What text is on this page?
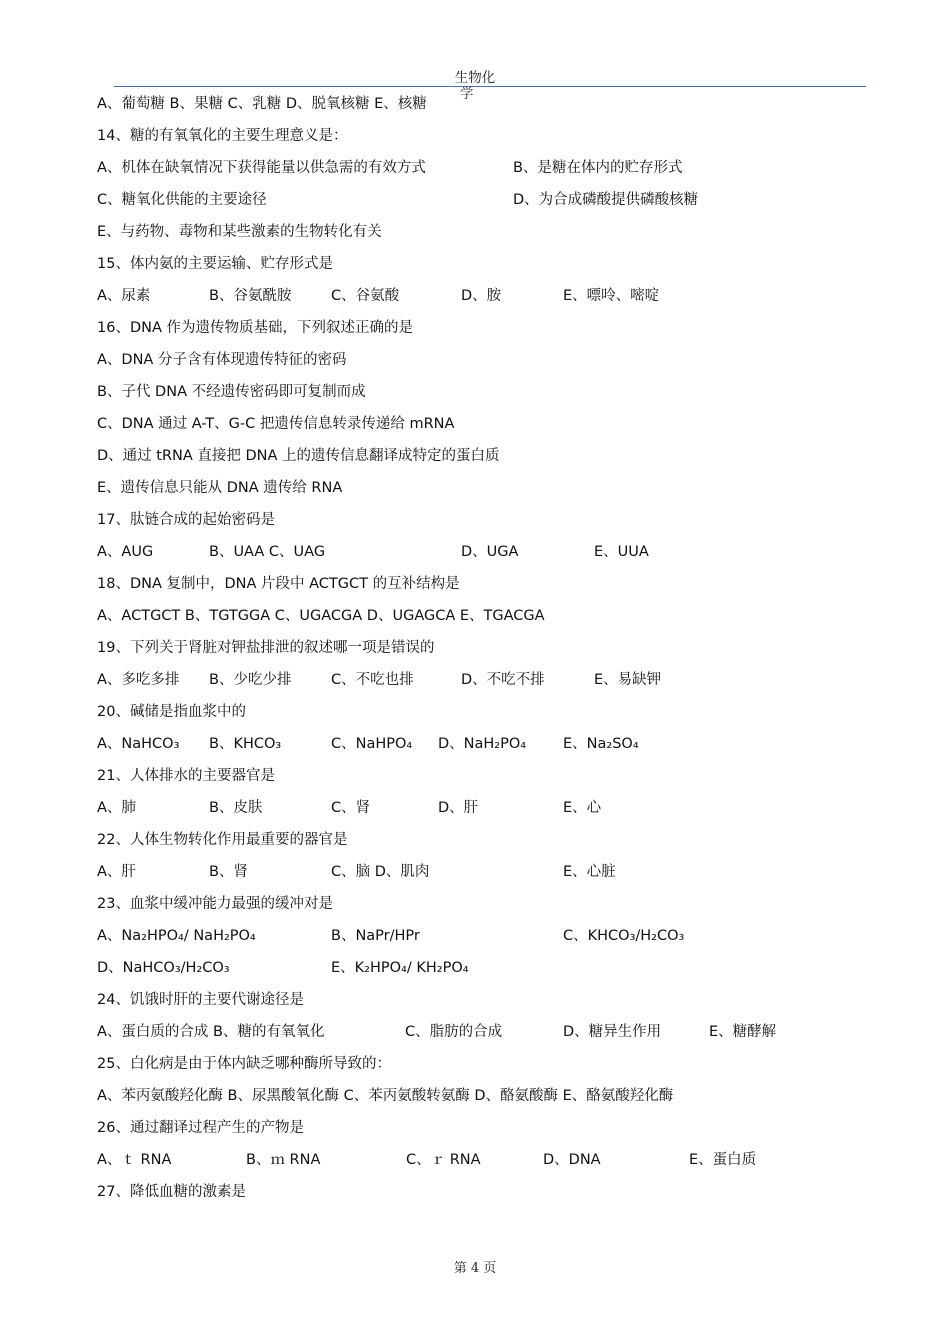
生物化
学
A、葡萄糖 B、果糖 C、乳糖 D、脱氧核糖 E、核糖
14、糖的有氧氧化的主要生理意义是：
A、机体在缺氧情况下获得能量以供急需的有效方式	B、是糖在体内的贮存形式
C、糖氧化供能的主要途径	D、为合成磷酸提供磷酸核糖
E、与药物、毒物和某些激素的生物转化有关
15、体内氨的主要运输、贮存形式是
A、尿素	B、谷氨酰胺	C、谷氨酸	D、胺	E、嘌呤、嘧啶
16、DNA 作为遗传物质基础，下列叙述正确的是
A、DNA 分子含有体现遗传特征的密码
B、子代 DNA 不经遗传密码即可复制而成
C、DNA 通过 A-T、G-C 把遗传信息转录传递给 mRNA
D、通过 tRNA 直接把 DNA 上的遗传信息翻译成特定的蛋白质
E、遗传信息只能从 DNA 遗传给 RNA
17、肽链合成的起始密码是
A、AUG	B、UAA C、UAG	D、UGA	E、UUA
18、DNA 复制中，DNA 片段中 ACTGCT 的互补结构是
A、ACTGCT B、TGTGGA C、UGACGA D、UGAGCA E、TGACGA
19、下列关于肾脏对钾盐排泄的叙述哪一项是错误的
A、多吃多排 B、少吃少排	C、不吃也排	D、不吃不排	E、易缺钾
20、碱储是指血浆中的
A、NaHCO₃ B、KHCO₃	C、NaHPO₄ D、NaH₂PO₄	E、Na₂SO₄
21、人体排水的主要器官是
A、肺	B、皮肤	C、肾	D、肝	E、心
22、人体生物转化作用最重要的器官是
A、肝	B、肾	C、脑 D、肌肉	E、心脏
23、血浆中缓冲能力最强的缓冲对是
A、Na₂HPO₄/ NaH₂PO₄	B、NaPr/HPr	C、KHCO₃/H₂CO₃
D、NaHCO₃/H₂CO₃	E、K₂HPO₄/ KH₂PO₄
24、饥饿时肝的主要代谢途径是
A、蛋白质的合成 B、糖的有氧氧化	C、脂肪的合成	D、糖异生作用	E、糖酵解
25、白化病是由于体内缺乏哪种酶所导致的：
A、苯丙氨酸羟化酶 B、尿黑酸氧化酶 C、苯丙氨酸转氨酶 D、酪氨酸酶 E、酪氨酸羟化酶
26、通过翻译过程产生的产物是
A、ｔ RNA	B、ｍ RNA	C、ｒ RNA	D、DNA	E、蛋白质
27、降低血糖的激素是
第 4 页
